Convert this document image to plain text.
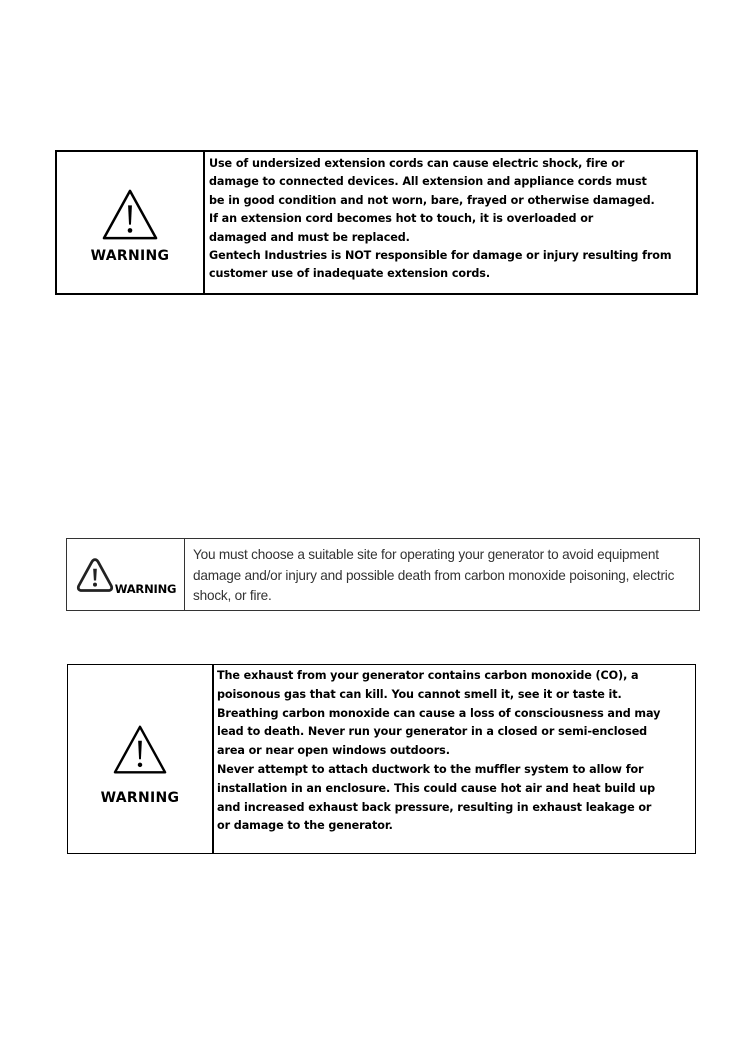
WARNING
Use of undersized extension cords can cause electric shock, fire or
damage to connected devices. All extension and appliance cords must
be in good condition and not worn, bare, frayed or otherwise damaged.
If an extension cord becomes hot to touch, it is overloaded or
damaged and must be replaced.
Gentech Industries is NOT responsible for damage or injury resulting from
customer use of inadequate extension cords.
WARNING
You must choose a suitable site for operating your generator to avoid equipment
damage and/or injury and possible death from carbon monoxide poisoning, electric
shock, or fire.
WARNING
The exhaust from your generator contains carbon monoxide (CO), a
poisonous gas that can kill. You cannot smell it, see it or taste it.
Breathing carbon monoxide can cause a loss of consciousness and may
lead to death. Never run your generator in a closed or semi-enclosed
area or near open windows outdoors.
Never attempt to attach ductwork to the muffler system to allow for
installation in an enclosure. This could cause hot air and heat build up
and increased exhaust back pressure, resulting in exhaust leakage or
or damage to the generator.
